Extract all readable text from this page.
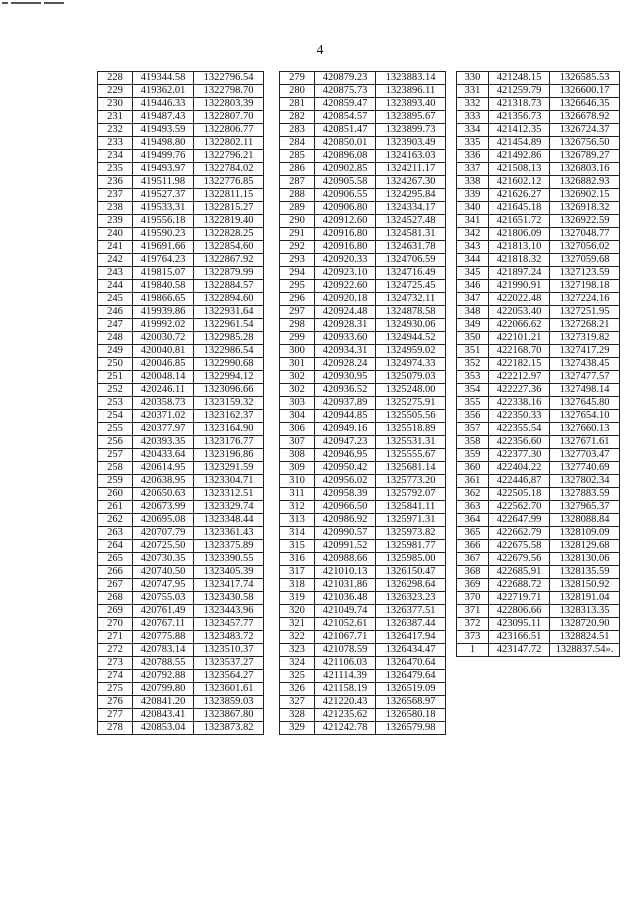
4
228	419344.58	1322796.54
229	419362.01	1322798.70
230	419446.33	1322803.39
231	419487.43	1322807.70
232	419493.59	1322806.77
233	419498.80	1322802.11
234	419499.76	1322796.21
235	419493.97	1322784.02
236	419511.98	1322776.85
237	419527.37	1322811.15
238	419533.31	1322815.27
239	419556.18	1322819.40
240	419590.23	1322828.25
241	419691.66	1322854.60
242	419764.23	1322867.92
243	419815.07	1322879.99
244	419840.58	1322884.57
245	419866.65	1322894.60
246	419939.86	1322931.64
247	419992.02	1322961.54
248	420030.72	1322985.28
249	420040.81	1322986.54
250	420046.85	1322990.68
251	420048.14	1322994.12
252	420246.11	1323096.66
253	420358.73	1323159.32
254	420371.02	1323162.37
255	420377.97	1323164.90
256	420393.35	1323176.77
257	420433.64	1323196.86
258	420614.95	1323291.59
259	420638.95	1323304.71
260	420650.63	1323312.51
261	420673.99	1323329.74
262	420695.08	1323348.44
263	420707.79	1323361.43
264	420725.50	1323375.89
265	420730.35	1323390.55
266	420740.50	1323405.39
267	420747.95	1323417.74
268	420755.03	1323430.58
269	420761.49	1323443.96
270	420767.11	1323457.77
271	420775.88	1323483.72
272	420783.14	1323510.37
273	420788.55	1323537.27
274	420792.88	1323564.27
275	420799.80	1323601.61
276	420841.20	1323859.03
277	420843.41	1323867.80
278	420853.04	1323873.82
279	420879.23	1323883.14
280	420875.73	1323896.11
281	420859.47	1323893.40
282	420854.57	1323895.67
283	420851.47	1323899.73
284	420850.01	1323903.49
285	420896.08	1324163.03
286	420902.85	1324211.17
287	420905.58	1324267.30
288	420906.55	1324295.84
289	420906.80	1324334.17
290	420912.60	1324527.48
291	420916.80	1324581.31
292	420916.80	1324631.78
293	420920.33	1324706.59
294	420923.10	1324716.49
295	420922.60	1324725.45
296	420920.18	1324732.11
297	420924.48	1324878.58
298	420928.31	1324930.06
299	420933.60	1324944.52
300	420934.31	1324959.02
301	420928.24	1324974.33
302	420930.95	1325079.03
302	420936.52	1325248.00
303	420937.89	1325275.91
304	420944.85	1325505.56
306	420949.16	1325518.89
307	420947.23	1325531.31
308	420946.95	1325555.67
309	420950.42	1325681.14
310	420956.02	1325773.20
311	420958.39	1325792.07
312	420966.50	1325841.11
313	420986.92	1325971.31
314	420990.57	1325973.82
315	420991.52	1325981.77
316	420988.66	1325985.00
317	421010.13	1326150.47
318	421031.86	1326298.64
319	421036.48	1326323.23
320	421049.74	1326377.51
321	421052.61	1326387.44
322	421067.71	1326417.94
323	421078.59	1326434.47
324	421106.03	1326470.64
325	421114.39	1326479.64
326	421158.19	1326519.09
327	421220.43	1326568.97
328	421235.62	1326580.18
329	421242.78	1326579.98
330	421248.15	1326585.53
331	421259.79	1326600.17
332	421318.73	1326646.35
333	421356.73	1326678.92
334	421412.35	1326724.37
335	421454.89	1326756.50
336	421492.86	1326789.27
337	421508.13	1326803.16
338	421602.12	1326882.93
339	421626.27	1326902.15
340	421645.18	1326918.32
341	421651.72	1326922.59
342	421806.09	1327048.77
343	421813.10	1327056.02
344	421818.32	1327059.68
345	421897.24	1327123.59
346	421990.91	1327198.18
347	422022.48	1327224.16
348	422053.40	1327251.95
349	422066.62	1327268.21
350	422101.21	1327319.82
351	422168.70	1327417.29
352	422182.15	1327438.45
353	422212.97	1327477.57
354	422227.36	1327498.14
355	422338.16	1327645.80
356	422350.33	1327654.10
357	422355.54	1327660.13
358	422356.60	1327671.61
359	422377.30	1327703.47
360	422404.22	1327740.69
361	422446.87	1327802.34
362	422505.18	1327883.59
363	422562.70	1327965.37
364	422647.99	1328088.84
365	422662.79	1328109.09
366	422675.58	1328129.68
367	422679.56	1328130.06
368	422685.91	1328135.59
369	422688.72	1328150.92
370	422719.71	1328191.04
371	422806.66	1328313.35
372	423095.11	1328720.90
373	423166.51	1328824.51
1	423147.72	1328837.54».
